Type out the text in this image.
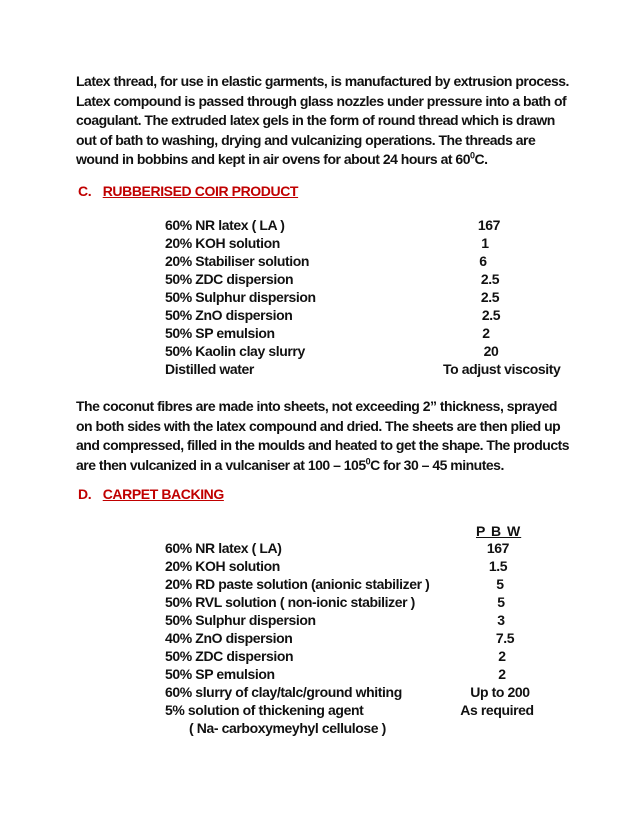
Latex thread, for use in elastic garments, is manufactured by extrusion process.
Latex compound is passed through glass nozzles under pressure into a bath of
coagulant. The extruded latex gels in the form of round thread which is drawn
out of bath to washing, drying and vulcanizing operations. The threads are
wound in bobbins and kept in air ovens for about 24 hours at $60^0C$.
C. RUBBERISED COIR PRODUCT
60% NR latex ( LA )	167
20% KOH solution	1
20% Stabiliser solution	6
50% ZDC dispersion	2.5
50% Sulphur dispersion	2.5
50% ZnO dispersion	2.5
50% SP emulsion	2
50% Kaolin clay slurry	20
Distilled water	To adjust viscosity
The coconut fibres are made into sheets, not exceeding 2” thickness, sprayed
on both sides with the latex compound and dried. The sheets are then plied up
and compressed, filled in the moulds and heated to get the shape. The products
are then vulcanized in a vulcaniser at $100 - 105^0C$ for 30 – 45 minutes.
D. CARPET BACKING
P B W
60% NR latex ( LA)	167
20% KOH solution	1.5
20% RD paste solution (anionic stabilizer )	5
50% RVL solution ( non-ionic stabilizer )	5
50% Sulphur dispersion	3
40% ZnO dispersion	7.5
50% ZDC dispersion	2
50% SP emulsion	2
60% slurry of clay/talc/ground whiting	Up to 200
5% solution of thickening agent	As required
( Na- carboxymeyhyl cellulose )
